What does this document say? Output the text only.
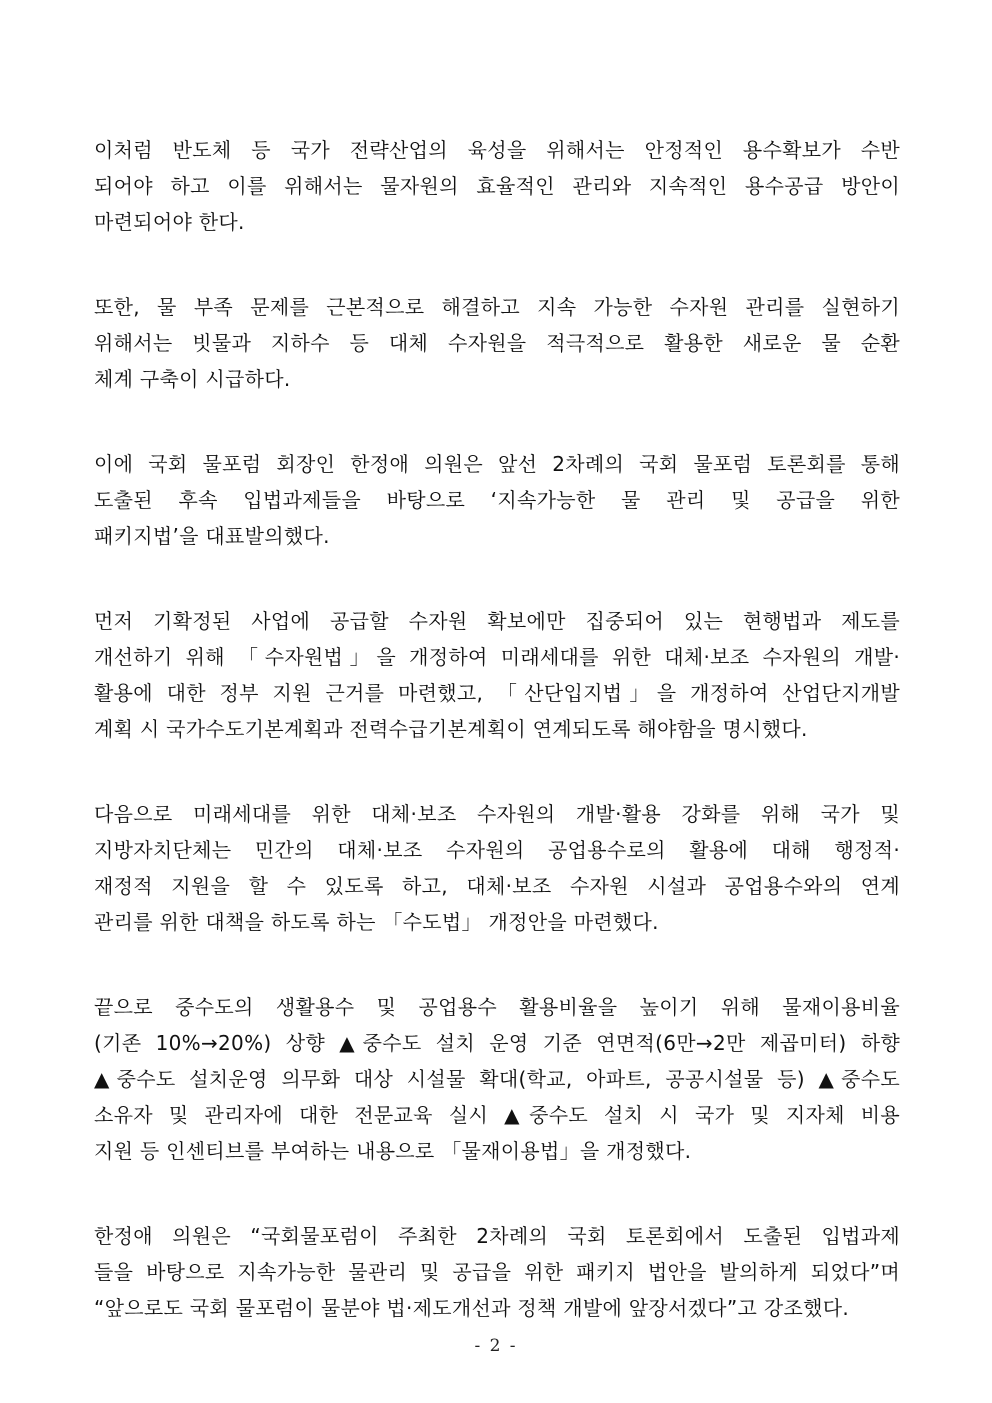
이처럼 반도체 등 국가 전략산업의 육성을 위해서는 안정적인 용수확보가 수반
되어야 하고 이를 위해서는 물자원의 효율적인 관리와 지속적인 용수공급 방안이
마련되어야 한다.
또한, 물 부족 문제를 근본적으로 해결하고 지속 가능한 수자원 관리를 실현하기
위해서는 빗물과 지하수 등 대체 수자원을 적극적으로 활용한 새로운 물 순환
체계 구축이 시급하다.
이에 국회 물포럼 회장인 한정애 의원은 앞선 2차례의 국회 물포럼 토론회를 통해
도출된 후속 입법과제들을 바탕으로 ‘지속가능한 물 관리 및 공급을 위한
패키지법’을 대표발의했다.
먼저 기확정된 사업에 공급할 수자원 확보에만 집중되어 있는 현행법과 제도를
개선하기 위해 「수자원법」을 개정하여 미래세대를 위한 대체·보조 수자원의 개발·
활용에 대한 정부 지원 근거를 마련했고, 「산단입지법」을 개정하여 산업단지개발
계획 시 국가수도기본계획과 전력수급기본계획이 연계되도록 해야함을 명시했다.
다음으로 미래세대를 위한 대체·보조 수자원의 개발·활용 강화를 위해 국가 및
지방자치단체는 민간의 대체·보조 수자원의 공업용수로의 활용에 대해 행정적·
재정적 지원을 할 수 있도록 하고, 대체·보조 수자원 시설과 공업용수와의 연계
관리를 위한 대책을 하도록 하는 「수도법」 개정안을 마련했다.
끝으로 중수도의 생활용수 및 공업용수 활용비율을 높이기 위해 물재이용비율
(기존 10%→20%) 상향 ▲중수도 설치 운영 기준 연면적(6만→2만 제곱미터) 하향
▲중수도 설치운영 의무화 대상 시설물 확대(학교, 아파트, 공공시설물 등) ▲중수도
소유자 및 관리자에 대한 전문교육 실시 ▲중수도 설치 시 국가 및 지자체 비용
지원 등 인센티브를 부여하는 내용으로 「물재이용법」을 개정했다.
한정애 의원은 “국회물포럼이 주최한 2차례의 국회 토론회에서 도출된 입법과제
들을 바탕으로 지속가능한 물관리 및 공급을 위한 패키지 법안을 발의하게 되었다”며
“앞으로도 국회 물포럼이 물분야 법·제도개선과 정책 개발에 앞장서겠다”고 강조했다.
- 2 -
